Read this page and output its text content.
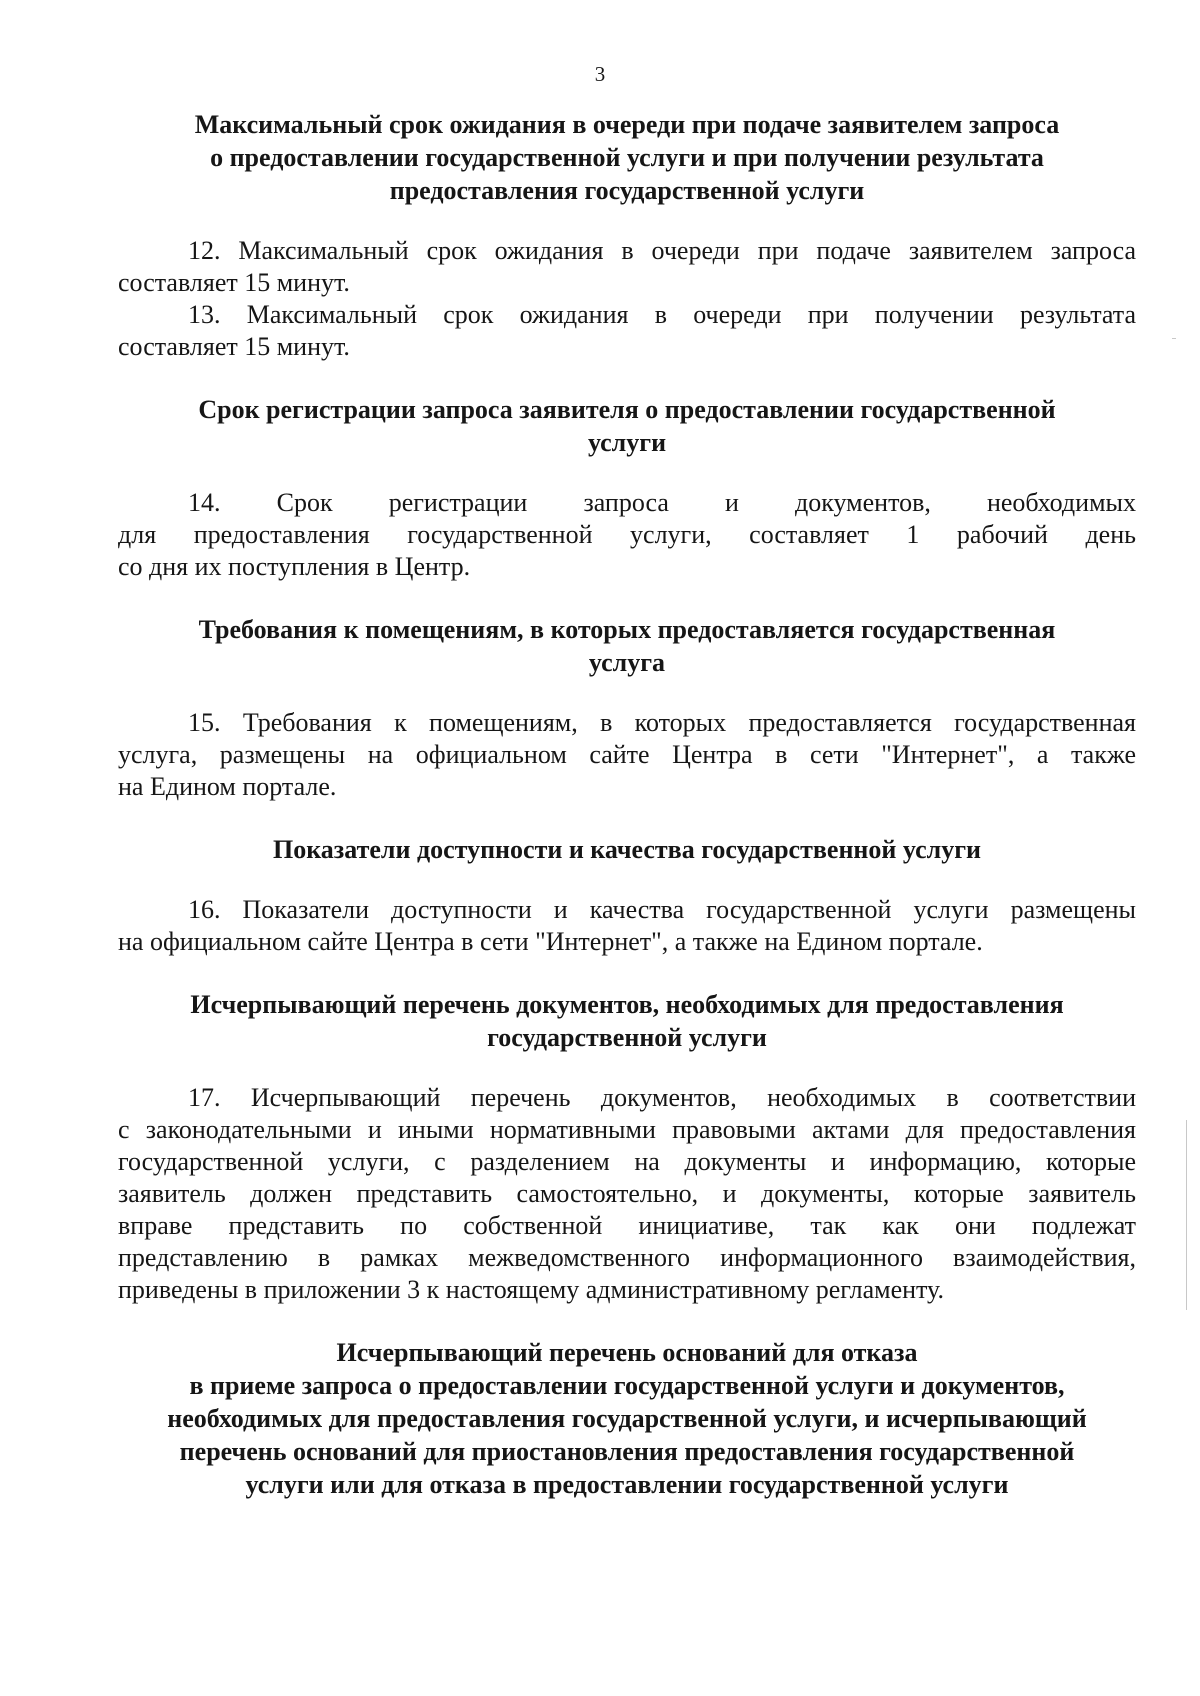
3
Максимальный срок ожидания в очереди при подаче заявителем запроса
о предоставлении государственной услуги и при получении результата
предоставления государственной услуги
12. Максимальный срок ожидания в очереди при подаче заявителем запроса
составляет 15 минут.
13. Максимальный срок ожидания в очереди при получении результата
составляет 15 минут.
Срок регистрации запроса заявителя о предоставлении государственной
услуги
14. Срок регистрации запроса и документов, необходимых
для предоставления государственной услуги, составляет 1 рабочий день
со дня их поступления в Центр.
Требования к помещениям, в которых предоставляется государственная
услуга
15. Требования к помещениям, в которых предоставляется государственная
услуга, размещены на официальном сайте Центра в сети "Интернет", а также
на Едином портале.
Показатели доступности и качества государственной услуги
16. Показатели доступности и качества государственной услуги размещены
на официальном сайте Центра в сети "Интернет", а также на Едином портале.
Исчерпывающий перечень документов, необходимых для предоставления
государственной услуги
17. Исчерпывающий перечень документов, необходимых в соответствии
с законодательными и иными нормативными правовыми актами для предоставления
государственной услуги, с разделением на документы и информацию, которые
заявитель должен представить самостоятельно, и документы, которые заявитель
вправе представить по собственной инициативе, так как они подлежат
представлению в рамках межведомственного информационного взаимодействия,
приведены в приложении 3 к настоящему административному регламенту.
Исчерпывающий перечень оснований для отказа
в приеме запроса о предоставлении государственной услуги и документов,
необходимых для предоставления государственной услуги, и исчерпывающий
перечень оснований для приостановления предоставления государственной
услуги или для отказа в предоставлении государственной услуги
